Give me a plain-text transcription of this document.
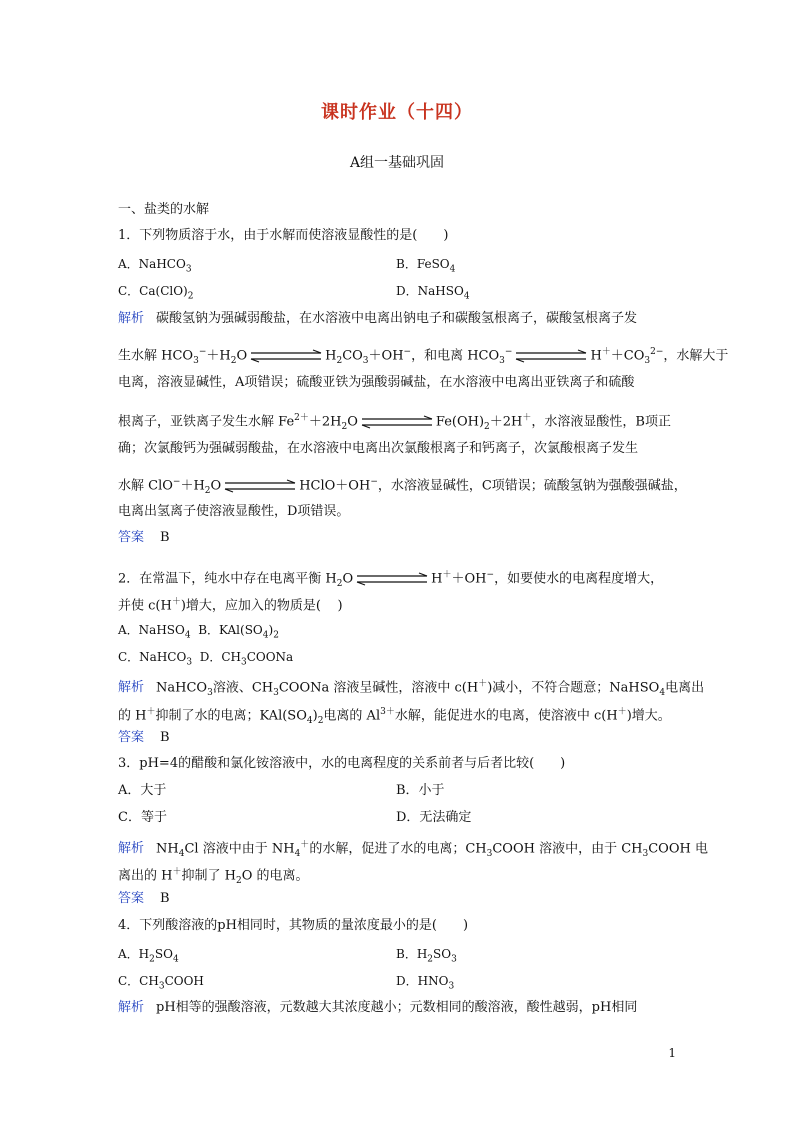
课时作业（十四）
A组一基础巩固
一、盐类的水解
1．下列物质溶于水，由于水解而使溶液显酸性的是(　　)
A．NaHCO$_3$	B．FeSO$_4$
C．$Ca(ClO)_2$	D．NaHSO$_4$
解析 碳酸氢钠为强碱弱酸盐，在水溶液中电离出钠电子和碳酸氢根离子，碳酸氢根离子发
生水解 $HCO_3^-+H_2O$	$H_2CO_3+OH^-$，和电离 $HCO_3^-$	$H^++CO_3^{2-}$，水解大于
电离，溶液显碱性，A项错误；硫酸亚铁为强酸弱碱盐，在水溶液中电离出亚铁离子和硫酸
根离子，亚铁离子发生水解 $Fe^{2+}+2H_2O$	$Fe(OH)_2+2H^+$，水溶液显酸性，B项正
确；次氯酸钙为强碱弱酸盐，在水溶液中电离出次氯酸根离子和钙离子，次氯酸根离子发生
水解 $ClO^-+H_2O$	HClO＋OH−，水溶液显碱性，C项错误；硫酸氢钠为强酸强碱盐，
电离出氢离子使溶液显酸性，D项错误。
答案 B
2．在常温下，纯水中存在电离平衡 $H_2O$	H＋＋OH−，如要使水的电离程度增大，
并使 c(H＋)增大，应加入的物质是(    )
A．NaHSO$_4$  B．$KAl(SO_4)_2$
C．NaHCO$_3$  D．$CH_3COONa$
解析 NaHCO$_3$溶液、$CH_3COONa$ 溶液呈碱性，溶液中 c(H＋)减小，不符合题意；NaHSO$_4$电离出
的 H＋抑制了水的电离；$KAl(SO_4)_2$电离的 $Al^{3+}$水解，能促进水的电离，使溶液中 c(H＋)增大。
答案 B
3．pH=4的醋酸和氯化铵溶液中，水的电离程度的关系前者与后者比较(　　)
A．大于	B．小于
C．等于	D．无法确定
解析 $NH_4Cl$ 溶液中由于 $NH_4^+$的水解，促进了水的电离；$CH_3COOH$ 溶液中，由于 $CH_3COOH$ 电
离出的 H＋抑制了 $H_2O$ 的电离。
答案 B
4．下列酸溶液的pH相同时，其物质的量浓度最小的是(　　)
A．$H_2SO_4$	B．$H_2SO_3$
C．$CH_3COOH$	D．$HNO_3$
解析 pH相等的强酸溶液，元数越大其浓度越小；元数相同的酸溶液，酸性越弱，pH相同
1
